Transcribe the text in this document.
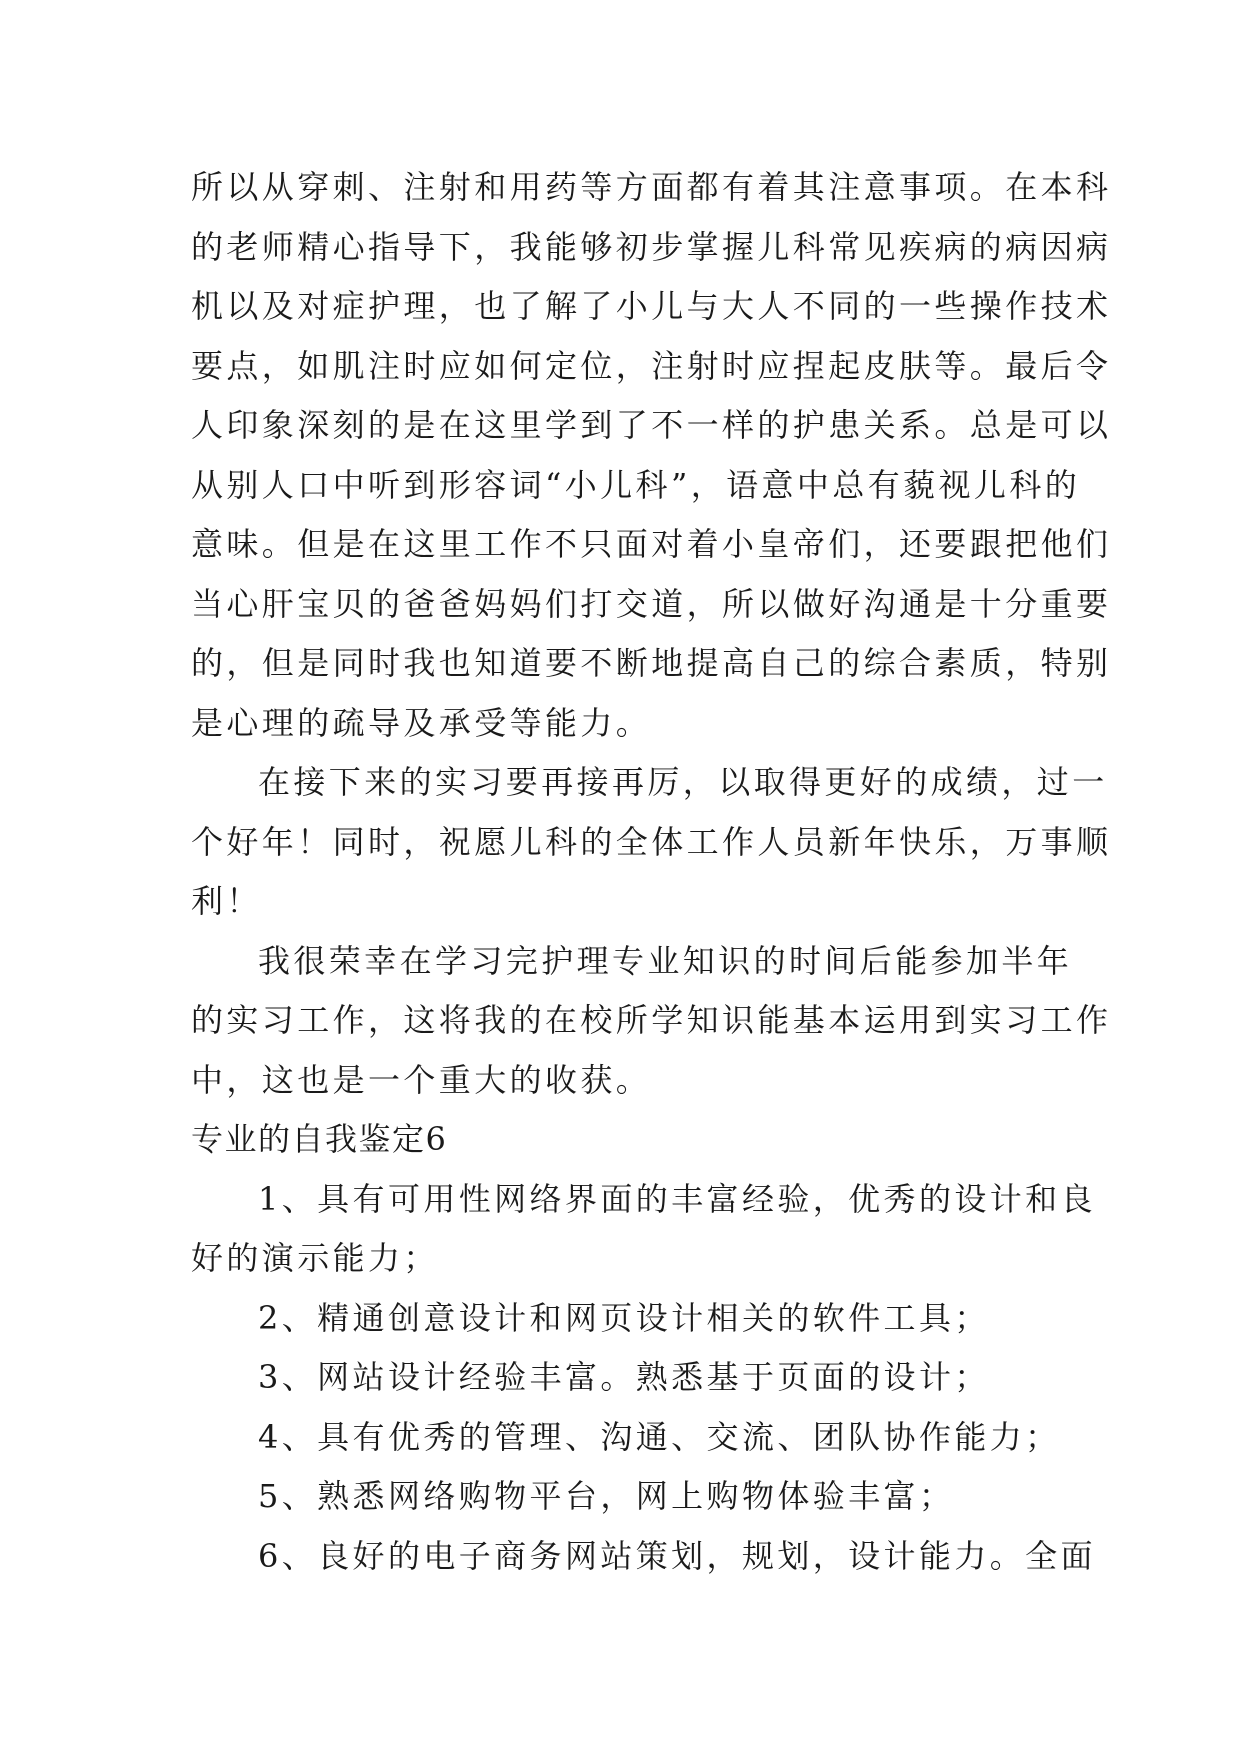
所以从穿刺、注射和用药等方面都有着其注意事项。在本科
的老师精心指导下，我能够初步掌握儿科常见疾病的病因病
机以及对症护理，也了解了小儿与大人不同的一些操作技术
要点，如肌注时应如何定位，注射时应捏起皮肤等。最后令
人印象深刻的是在这里学到了不一样的护患关系。总是可以
从别人口中听到形容词“小儿科”，语意中总有藐视儿科的
意味。但是在这里工作不只面对着小皇帝们，还要跟把他们
当心肝宝贝的爸爸妈妈们打交道，所以做好沟通是十分重要
的，但是同时我也知道要不断地提高自己的综合素质，特别
是心理的疏导及承受等能力。
在接下来的实习要再接再厉，以取得更好的成绩，过一
个好年！同时，祝愿儿科的全体工作人员新年快乐，万事顺
利！
我很荣幸在学习完护理专业知识的时间后能参加半年
的实习工作，这将我的在校所学知识能基本运用到实习工作
中，这也是一个重大的收获。
专业的自我鉴定6
1、具有可用性网络界面的丰富经验，优秀的设计和良
好的演示能力；
2、精通创意设计和网页设计相关的软件工具；
3、网站设计经验丰富。熟悉基于页面的设计；
4、具有优秀的管理、沟通、交流、团队协作能力；
5、熟悉网络购物平台，网上购物体验丰富；
6、良好的电子商务网站策划，规划，设计能力。全面
